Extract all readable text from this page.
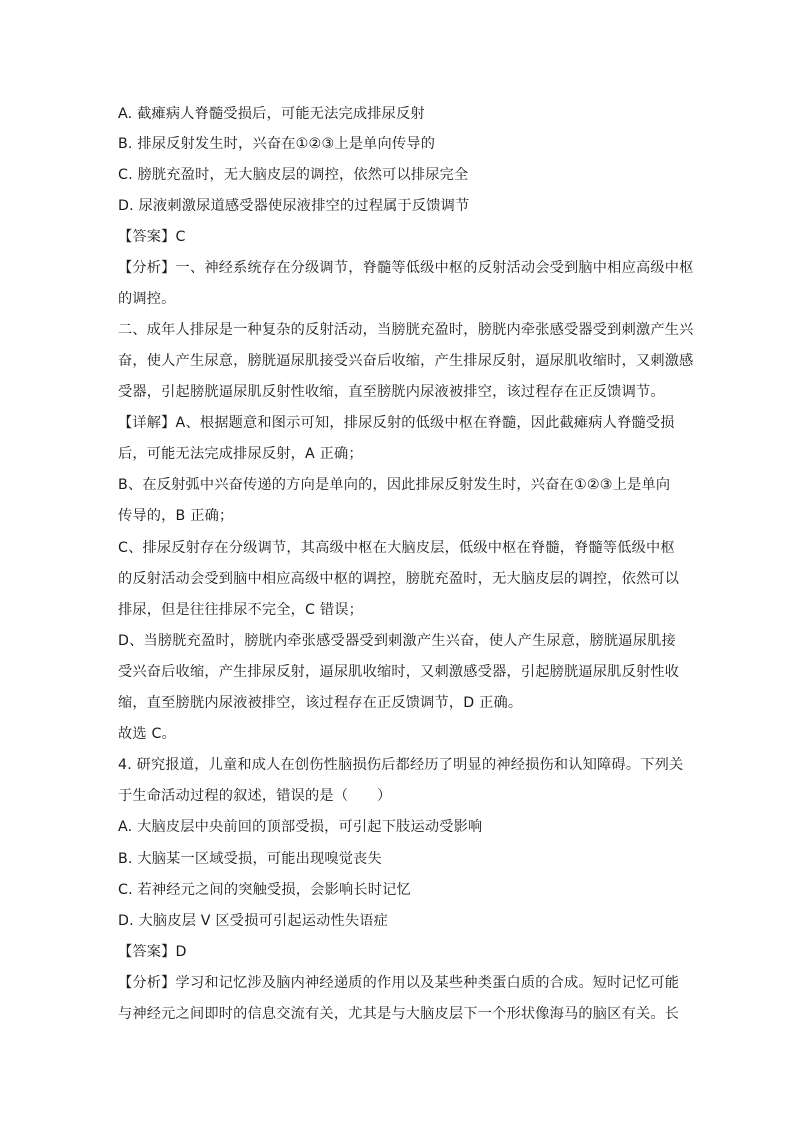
A. 截瘫病人脊髓受损后，可能无法完成排尿反射
B. 排尿反射发生时，兴奋在①②③上是单向传导的
C. 膀胱充盈时，无大脑皮层的调控，依然可以排尿完全
D. 尿液刺激尿道感受器使尿液排空的过程属于反馈调节
【答案】C
【分析】一、神经系统存在分级调节，脊髓等低级中枢的反射活动会受到脑中相应高级中枢
的调控。
二、成年人排尿是一种复杂的反射活动，当膀胱充盈时，膀胱内牵张感受器受到刺激产生兴
奋，使人产生尿意，膀胱逼尿肌接受兴奋后收缩，产生排尿反射，逼尿肌收缩时，又刺激感
受器，引起膀胱逼尿肌反射性收缩，直至膀胱内尿液被排空，该过程存在正反馈调节。
【详解】A、根据题意和图示可知，排尿反射的低级中枢在脊髓，因此截瘫病人脊髓受损
后，可能无法完成排尿反射，A 正确；
B、在反射弧中兴奋传递的方向是单向的，因此排尿反射发生时，兴奋在①②③上是单向
传导的，B 正确；
C、排尿反射存在分级调节，其高级中枢在大脑皮层，低级中枢在脊髓，脊髓等低级中枢
的反射活动会受到脑中相应高级中枢的调控，膀胱充盈时，无大脑皮层的调控，依然可以
排尿，但是往往排尿不完全，C 错误；
D、当膀胱充盈时，膀胱内牵张感受器受到刺激产生兴奋，使人产生尿意，膀胱逼尿肌接
受兴奋后收缩，产生排尿反射，逼尿肌收缩时，又刺激感受器，引起膀胱逼尿肌反射性收
缩，直至膀胱内尿液被排空，该过程存在正反馈调节，D 正确。
故选 C。
4. 研究报道，儿童和成人在创伤性脑损伤后都经历了明显的神经损伤和认知障碍。下列关
于生命活动过程的叙述，错误的是（　　）
A. 大脑皮层中央前回的顶部受损，可引起下肢运动受影响
B. 大脑某一区域受损，可能出现嗅觉丧失
C. 若神经元之间的突触受损，会影响长时记忆
D. 大脑皮层 V 区受损可引起运动性失语症
【答案】D
【分析】学习和记忆涉及脑内神经递质的作用以及某些种类蛋白质的合成。短时记忆可能
与神经元之间即时的信息交流有关，尤其是与大脑皮层下一个形状像海马的脑区有关。长
